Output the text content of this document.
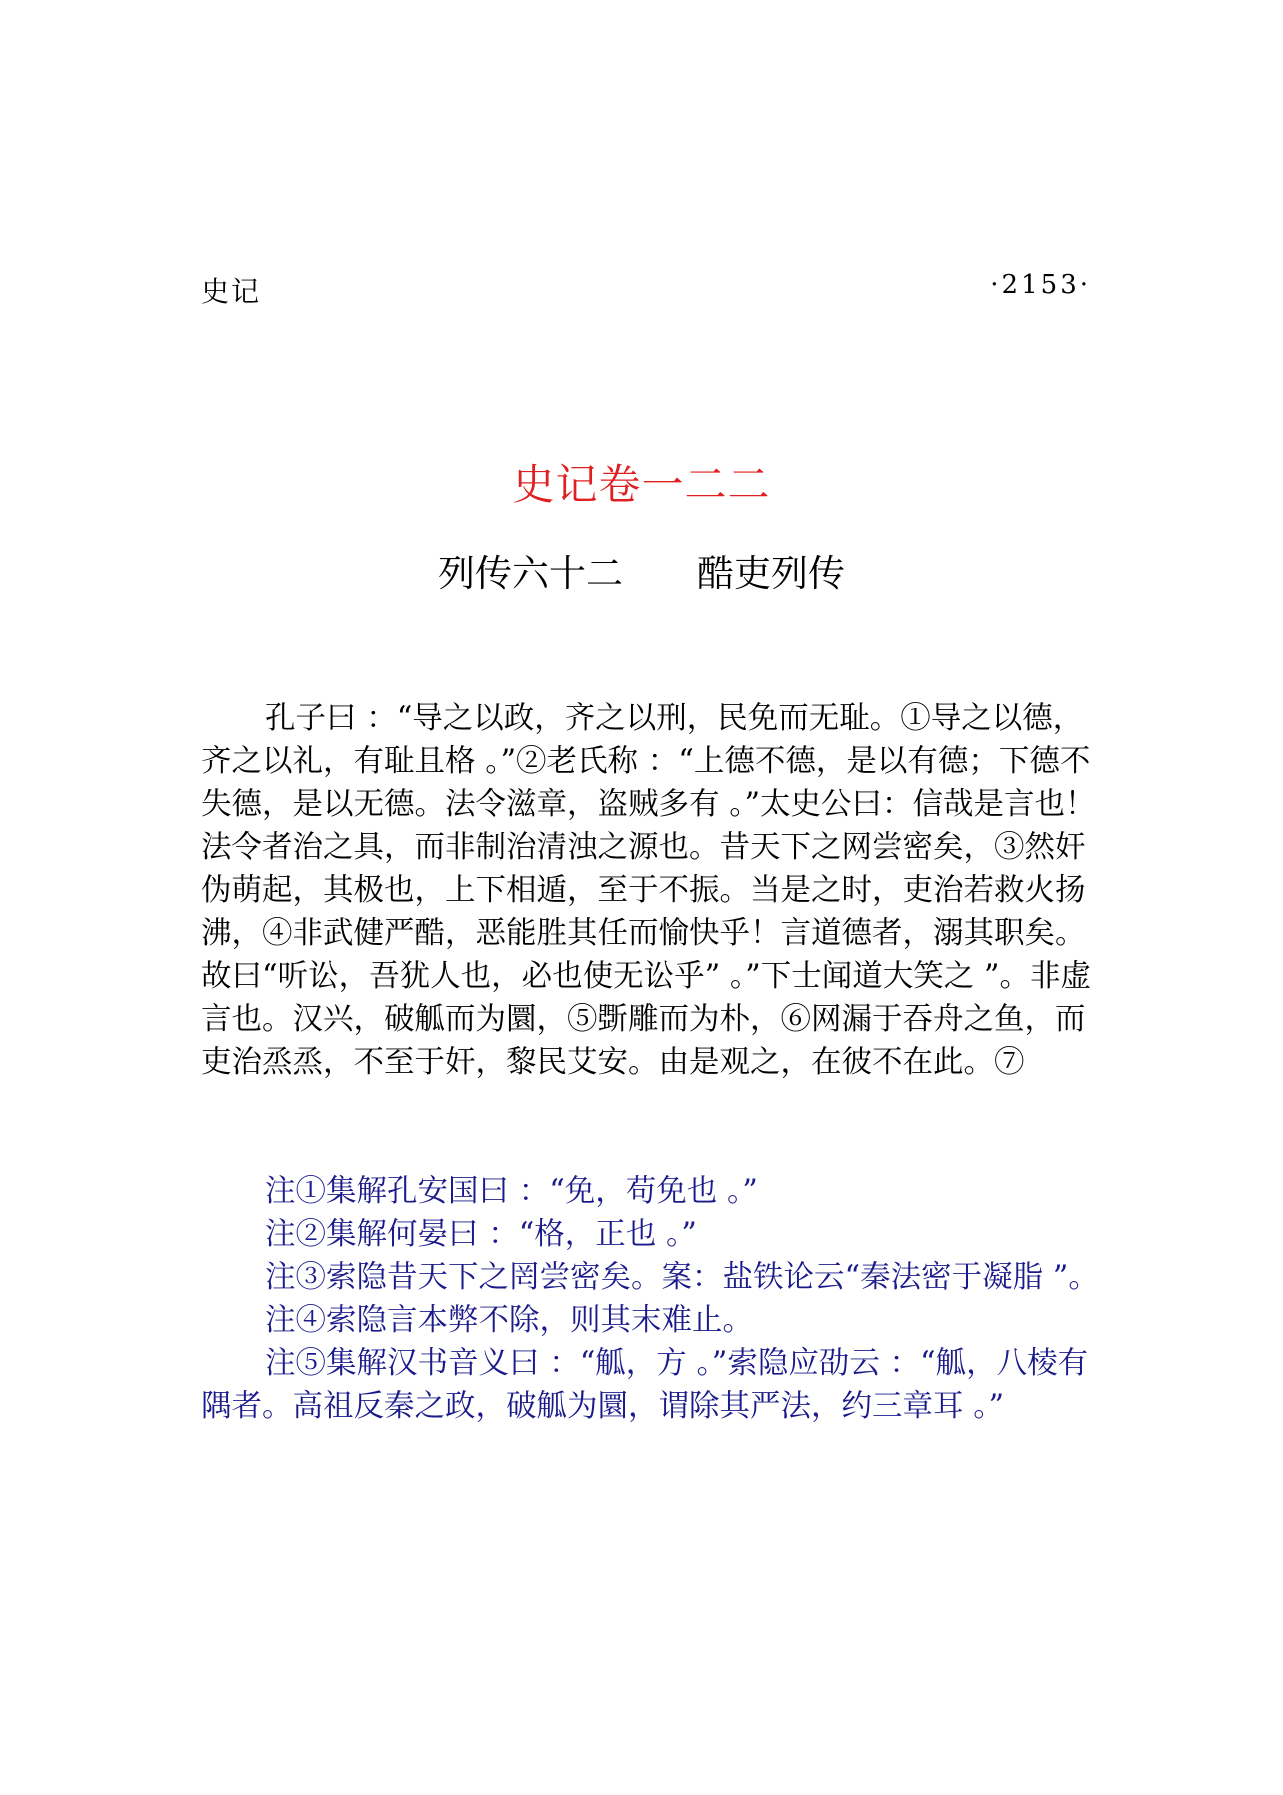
史记	·2153·
史记卷一二二
列传六十二　　酷吏列传

孔子曰 ：“导之以政，齐之以刑，民免而无耻。①导之以德，齐之以礼，有耻且格 。”②老氏称 ：“上德不德，是以有德；下德不失德，是以无德。法令滋章，盗贼多有 。”太史公曰：信哉是言也！法令者治之具，而非制治清浊之源也。昔天下之网尝密矣，③然奸伪萌起，其极也，上下相遁，至于不振。当是之时，吏治若救火扬沸，④非武健严酷，恶能胜其任而愉快乎！言道德者，溺其职矣。故曰“听讼，吾犹人也，必也使无讼乎” 。”下士闻道大笑之 ”。非虚言也。汉兴，破觚而为圜，⑤斲雕而为朴，⑥网漏于吞舟之鱼，而吏治烝烝，不至于奸，黎民艾安。由是观之，在彼不在此。⑦

注①集解孔安国曰 ：“免，苟免也 。”

注②集解何晏曰 ：“格，正也 。”

注③索隐昔天下之罔尝密矣。案：盐铁论云“秦法密于凝脂 ”。

注④索隐言本弊不除，则其末难止。

注⑤集解汉书音义曰 ：“觚，方 。”索隐应劭云 ：“觚，八棱有隅者。高祖反秦之政，破觚为圜，谓除其严法，约三章耳 。”
